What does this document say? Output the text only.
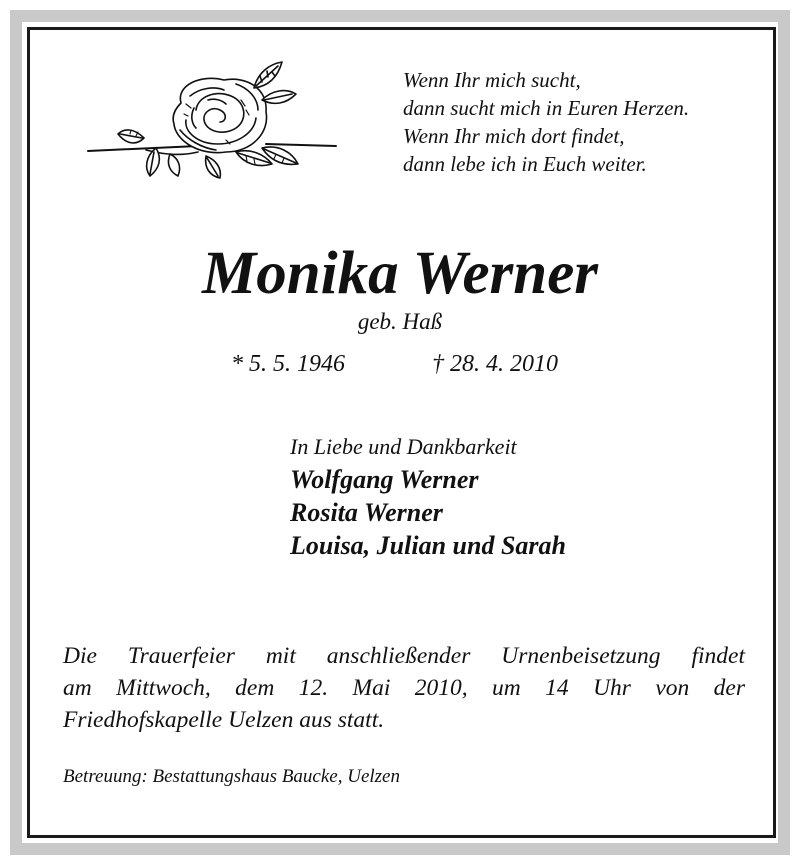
Wenn Ihr mich sucht,
dann sucht mich in Euren Herzen.
Wenn Ihr mich dort findet,
dann lebe ich in Euch weiter.
Monika Werner
geb. Haß
* 5. 5. 1946	† 28. 4. 2010
In Liebe und Dankbarkeit
Wolfgang Werner
Rosita Werner
Louisa, Julian und Sarah
Die Trauerfeier mit anschließender Urnenbeisetzung findet
am Mittwoch, dem 12. Mai 2010, um 14 Uhr von der
Friedhofskapelle Uelzen aus statt.
Betreuung: Bestattungshaus Baucke, Uelzen
